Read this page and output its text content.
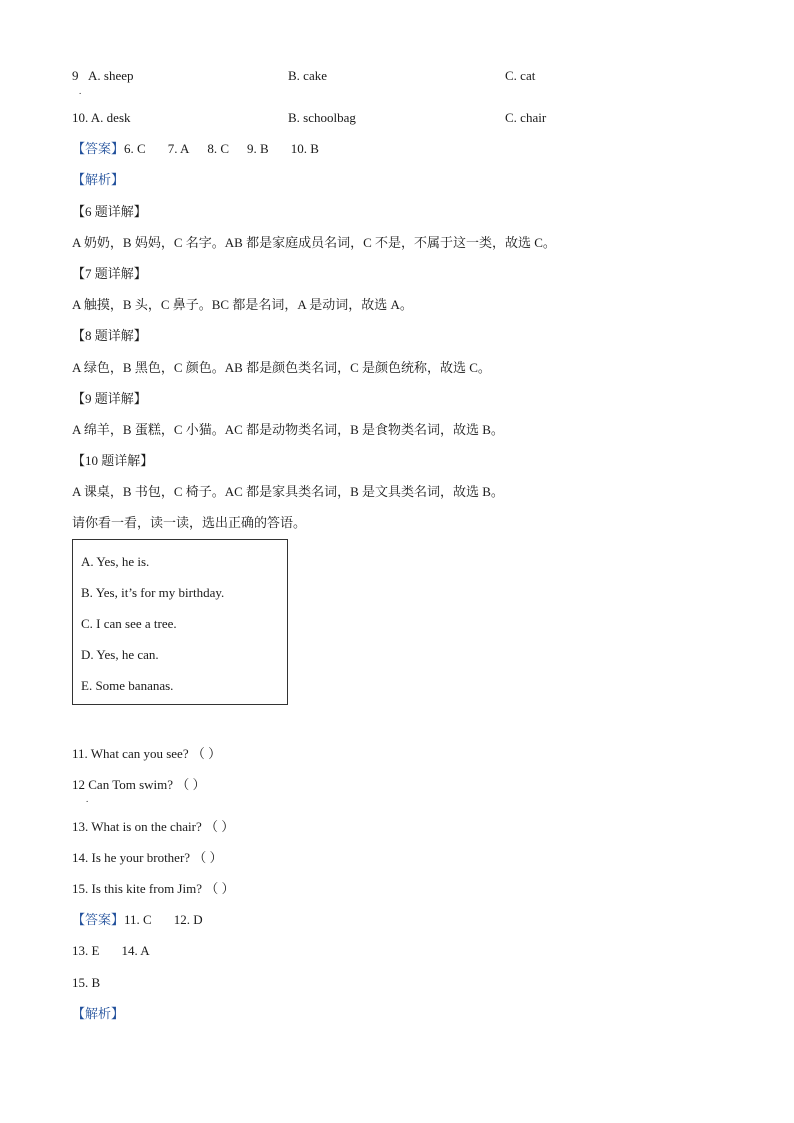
9
.
A. sheep	B. cake	C. cat
10. A. desk	B. schoolbag	C. chair
【答案】6. C 7. A 8. C 9. B 10. B
【解析】
【6 题详解】
A 奶奶，B 妈妈，C 名字。AB 都是家庭成员名词，C 不是，不属于这一类，故选 C。
【7 题详解】
A 触摸，B 头，C 鼻子。BC 都是名词，A 是动词，故选 A。
【8 题详解】
A 绿色，B 黑色，C 颜色。AB 都是颜色类名词，C 是颜色统称，故选 C。
【9 题详解】
A 绵羊，B 蛋糕，C 小猫。AC 都是动物类名词，B 是食物类名词，故选 B。
【10 题详解】
A 课桌，B 书包，C 椅子。AC 都是家具类名词，B 是文具类名词，故选 B。
请你看一看，读一读，选出正确的答语。
A. Yes, he is.
B. Yes, it’s for my birthday.
C. I can see a tree.
D. Yes, he can.
E. Some bananas.
11. What can you see? （ ）
12 Can Tom swim? （ ）
.
13. What is on the chair? （ ）
14. Is he your brother? （ ）
15. Is this kite from Jim? （ ）
【答案】11. C 12. D
13. E 14. A
15. B
【解析】
